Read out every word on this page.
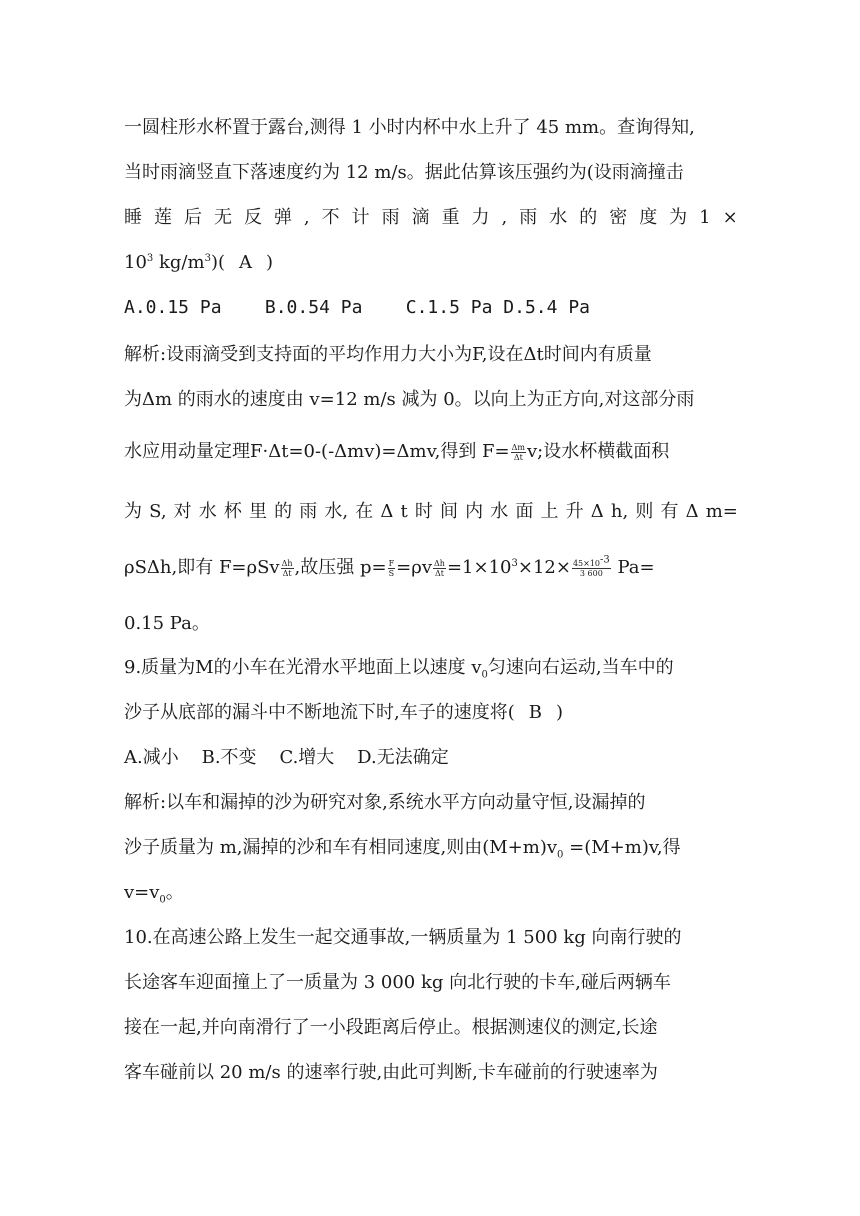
一圆柱形水杯置于露台,测得 1 小时内杯中水上升了 45 mm。查询得知,
当时雨滴竖直下落速度约为 12 m/s。据此估算该压强约为(设雨滴撞击
睡 莲 后 无 反 弹 , 不 计 雨 滴 重 力 , 雨 水 的 密 度 为 1 ×
$10^3$ $kg/m^3$)( A )
A.0.15 Pa    B.0.54 Pa    C.1.5 Pa D.5.4 Pa
解析:设雨滴受到支持面的平均作用力大小为F,设在Δt时间内有质量
为Δm 的雨水的速度由 v=12 m/s 减为 0。以向上为正方向,对这部分雨
水应用动量定理F·Δt=0-(-Δmv)=Δmv,得到 $F= \frac{\Delta m}{\Delta t} v$;设水杯横截面积
为 S, 对 水 杯 里 的 雨 水, 在 Δ t 时 间 内 水 面 上 升 Δ h, 则 有 Δ m=
ρSΔh,即有 $F=\rho Sv \frac{\Delta h}{\Delta t}$ ,故压强 $p= \frac{F}{S} =\rho v \frac{\Delta h}{\Delta t} =1\times 10^3\times 12\times \frac{45\times 10^{-3}}{3 600} Pa=$
0.15 Pa。
9.质量为M的小车在光滑水平地面上以速度 $v_0$匀速向右运动,当车中的
沙子从底部的漏斗中不断地流下时,车子的速度将( B )
A.减小    B.不变    C.增大    D.无法确定
解析:以车和漏掉的沙为研究对象,系统水平方向动量守恒,设漏掉的
沙子质量为 m,漏掉的沙和车有相同速度,则由$(M+m)v_0 =(M+m)v$,得
$v=v_0$。
10.在高速公路上发生一起交通事故,一辆质量为 1 500 kg 向南行驶的
长途客车迎面撞上了一质量为 3 000 kg 向北行驶的卡车,碰后两辆车
接在一起,并向南滑行了一小段距离后停止。根据测速仪的测定,长途
客车碰前以 20 m/s 的速率行驶,由此可判断,卡车碰前的行驶速率为
